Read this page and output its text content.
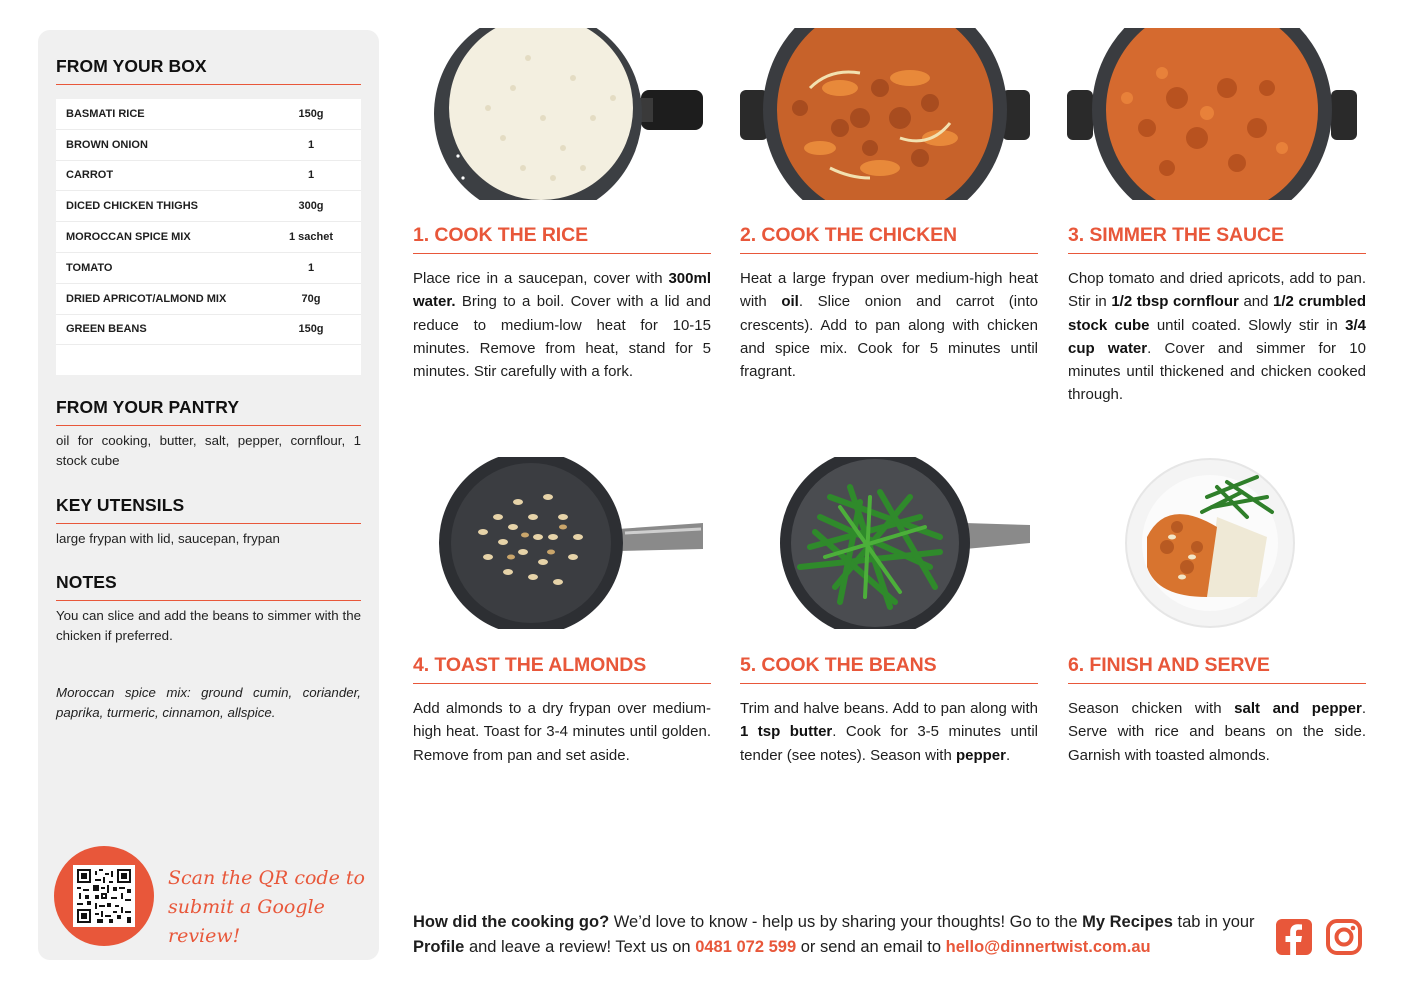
FROM YOUR BOX
BASMATI RICE	150g
BROWN ONION	1
CARROT	1
DICED CHICKEN THIGHS	300g
MOROCCAN SPICE MIX	1 sachet
TOMATO	1
DRIED APRICOT/ALMOND MIX	70g
GREEN BEANS	150g
FROM YOUR PANTRY
oil for cooking, butter, salt, pepper, cornflour, 1 stock cube
KEY UTENSILS
large frypan with lid, saucepan, frypan
NOTES
You can slice and add the beans to simmer with the chicken if preferred.
Moroccan spice mix: ground cumin, coriander, paprika, turmeric, cinnamon, allspice.
Scan the QR code to
submit a Google review!
1. COOK THE RICE
Place rice in a saucepan, cover with 300ml water. Bring to a boil. Cover with a lid and reduce to medium-low heat for 10-15 minutes. Remove from heat, stand for 5 minutes. Stir carefully with a fork.
2. COOK THE CHICKEN
Heat a large frypan over medium-high heat with oil. Slice onion and carrot (into crescents). Add to pan along with chicken and spice mix. Cook for 5 minutes until fragrant.
3. SIMMER THE SAUCE
Chop tomato and dried apricots, add to pan. Stir in 1/2 tbsp cornflour and 1/2 crumbled stock cube until coated. Slowly stir in 3/4 cup water. Cover and simmer for 10 minutes until thickened and chicken cooked through.
4. TOAST THE ALMONDS
Add almonds to a dry frypan over medium-high heat. Toast for 3-4 minutes until golden. Remove from pan and set aside.
5. COOK THE BEANS
Trim and halve beans. Add to pan along with 1 tsp butter. Cook for 3-5 minutes until tender (see notes). Season with pepper.
6. FINISH AND SERVE
Season chicken with salt and pepper. Serve with rice and beans on the side. Garnish with toasted almonds.
How did the cooking go? We’d love to know - help us by sharing your thoughts! Go to the My Recipes tab in your Profile and leave a review! Text us on 0481 072 599 or send an email to hello@dinnertwist.com.au
